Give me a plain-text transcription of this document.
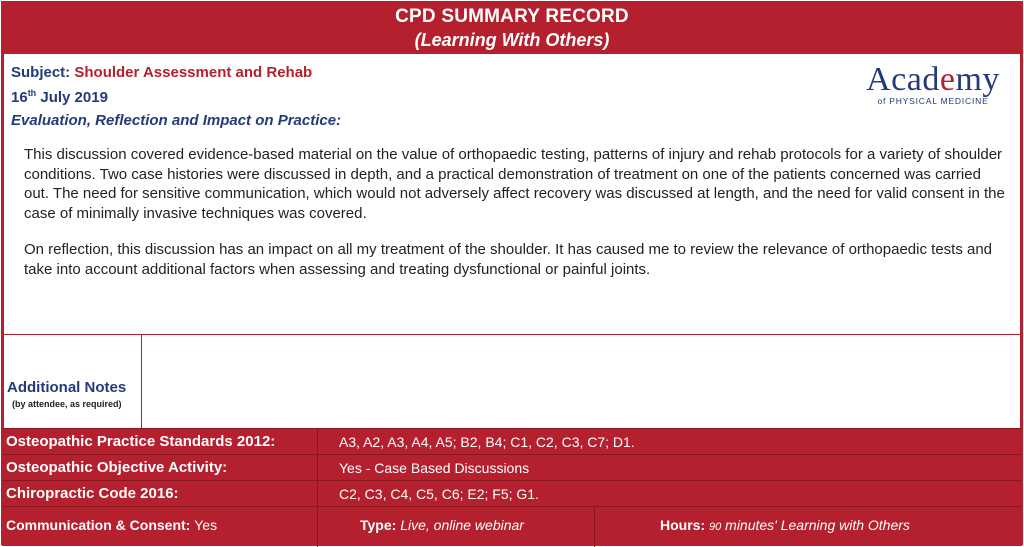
CPD SUMMARY RECORD
(Learning With Others)
Subject: Shoulder Assessment and Rehab
16th July 2019
Evaluation, Reflection and Impact on Practice:
This discussion covered evidence-based material on the value of orthopaedic testing, patterns of injury and rehab protocols for a variety of shoulder conditions. Two case histories were discussed in depth, and a practical demonstration of treatment on one of the patients concerned was carried out. The need for sensitive communication, which would not adversely affect recovery was discussed at length, and the need for valid consent in the case of minimally invasive techniques was covered.
On reflection, this discussion has an impact on all my treatment of the shoulder. It has caused me to review the relevance of orthopaedic tests and take into account additional factors when assessing and treating dysfunctional or painful joints.
Academy
of PHYSICAL MEDICINE
Additional Notes
(by attendee, as required)
Osteopathic Practice Standards 2012:	A3, A2, A3, A4, A5; B2, B4; C1, C2, C3, C7; D1.
Osteopathic Objective Activity:	Yes - Case Based Discussions
Chiropractic Code 2016:	C2, C3, C4, C5, C6; E2; F5; G1.
Communication & Consent: Yes	Type: Live, online webinar	Hours: 90 minutes' Learning with Others
